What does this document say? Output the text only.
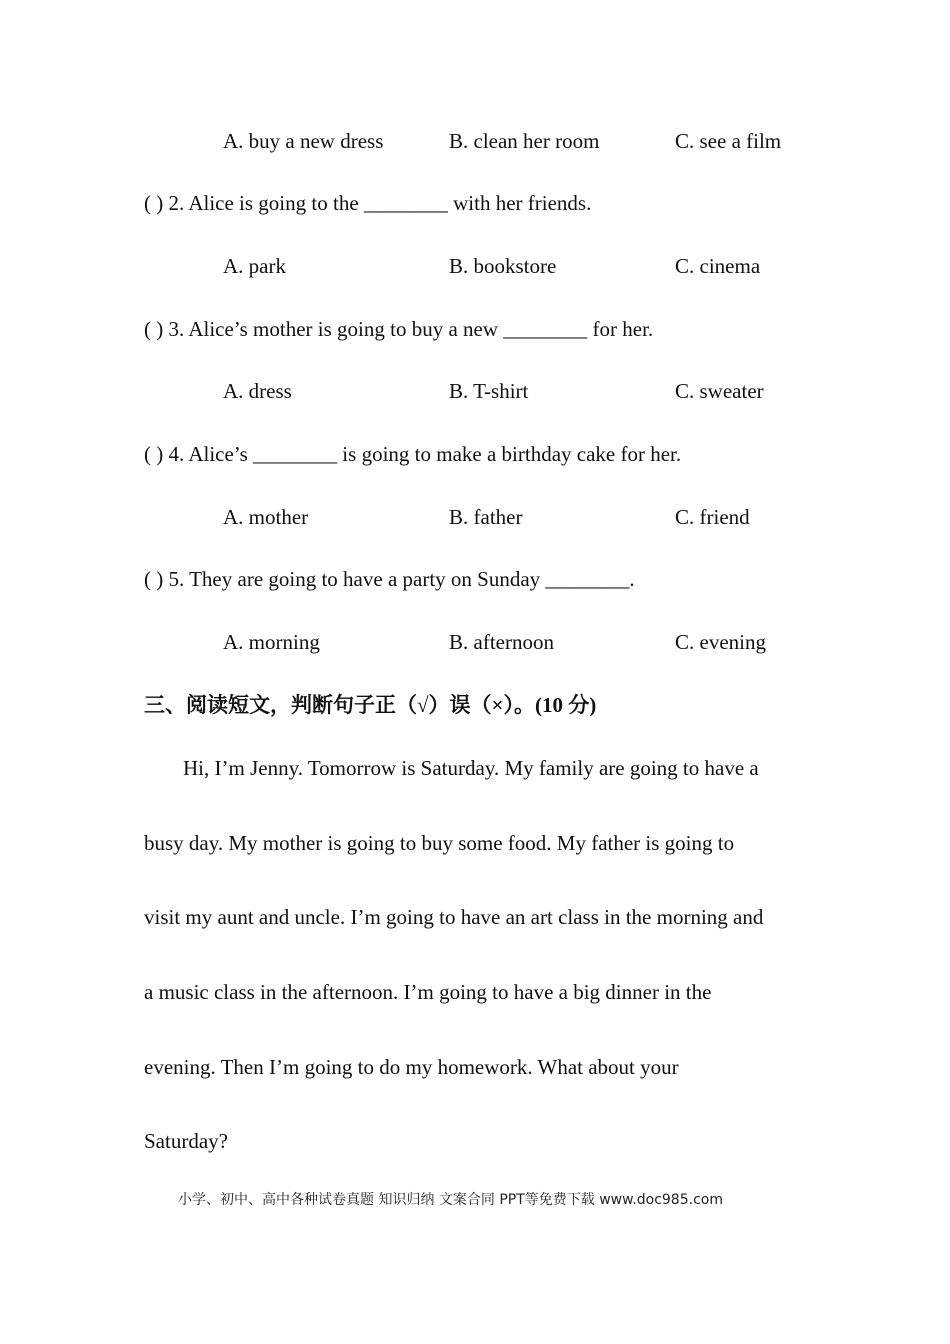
A. buy a new dress	B. clean her room	C. see a film
( ) 2. Alice is going to the ________ with her friends.
A. park	B. bookstore	C. cinema
( ) 3. Alice’s mother is going to buy a new ________ for her.
A. dress	B. T-shirt	C. sweater
( ) 4. Alice’s ________ is going to make a birthday cake for her.
A. mother	B. father	C. friend
( ) 5. They are going to have a party on Sunday ________.
A. morning	B. afternoon	C. evening
三、阅读短文，判断句子正（√）误（×）。(10 分)
Hi, I’m Jenny. Tomorrow is Saturday. My family are going to have a
busy day. My mother is going to buy some food. My father is going to
visit my aunt and uncle. I’m going to have an art class in the morning and
a music class in the afternoon. I’m going to have a big dinner in the
evening. Then I’m going to do my homework. What about your
Saturday?
小学、初中、高中各种试卷真题 知识归纳 文案合同 PPT等免费下载 www.doc985.com
